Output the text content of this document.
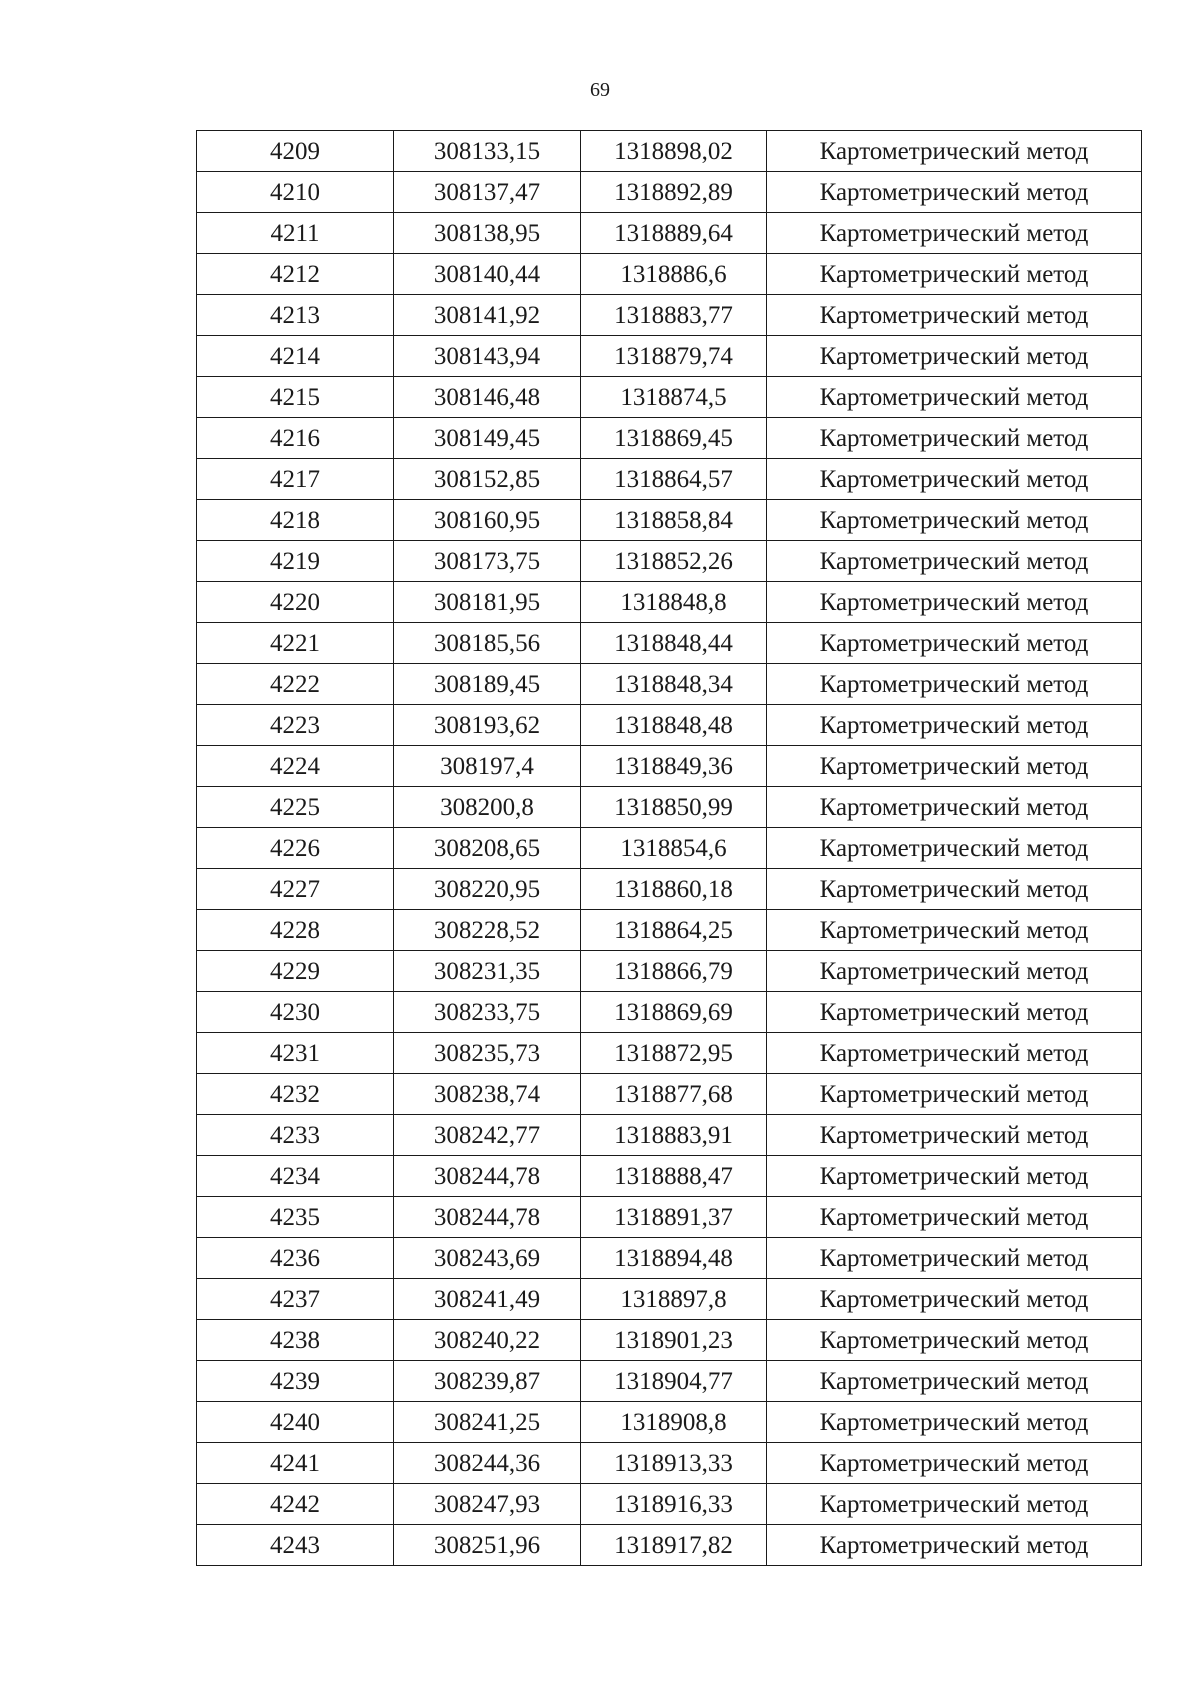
69
4209	308133,15	1318898,02	Картометрический метод
4210	308137,47	1318892,89	Картометрический метод
4211	308138,95	1318889,64	Картометрический метод
4212	308140,44	1318886,6	Картометрический метод
4213	308141,92	1318883,77	Картометрический метод
4214	308143,94	1318879,74	Картометрический метод
4215	308146,48	1318874,5	Картометрический метод
4216	308149,45	1318869,45	Картометрический метод
4217	308152,85	1318864,57	Картометрический метод
4218	308160,95	1318858,84	Картометрический метод
4219	308173,75	1318852,26	Картометрический метод
4220	308181,95	1318848,8	Картометрический метод
4221	308185,56	1318848,44	Картометрический метод
4222	308189,45	1318848,34	Картометрический метод
4223	308193,62	1318848,48	Картометрический метод
4224	308197,4	1318849,36	Картометрический метод
4225	308200,8	1318850,99	Картометрический метод
4226	308208,65	1318854,6	Картометрический метод
4227	308220,95	1318860,18	Картометрический метод
4228	308228,52	1318864,25	Картометрический метод
4229	308231,35	1318866,79	Картометрический метод
4230	308233,75	1318869,69	Картометрический метод
4231	308235,73	1318872,95	Картометрический метод
4232	308238,74	1318877,68	Картометрический метод
4233	308242,77	1318883,91	Картометрический метод
4234	308244,78	1318888,47	Картометрический метод
4235	308244,78	1318891,37	Картометрический метод
4236	308243,69	1318894,48	Картометрический метод
4237	308241,49	1318897,8	Картометрический метод
4238	308240,22	1318901,23	Картометрический метод
4239	308239,87	1318904,77	Картометрический метод
4240	308241,25	1318908,8	Картометрический метод
4241	308244,36	1318913,33	Картометрический метод
4242	308247,93	1318916,33	Картометрический метод
4243	308251,96	1318917,82	Картометрический метод
